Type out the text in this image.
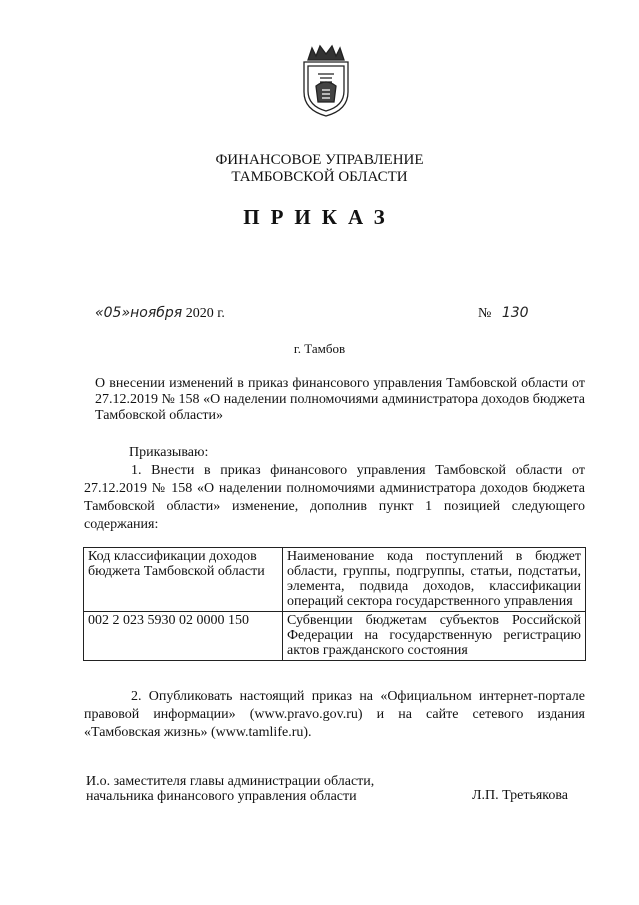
ФИНАНСОВОЕ УПРАВЛЕНИЕ
ТАМБОВСКОЙ ОБЛАСТИ
ПРИКАЗ
«05»ноября 2020 г.	№ 130
г. Тамбов
О внесении изменений в приказ финансового управления Тамбовской области от 27.12.2019 № 158 «О наделении полномочиями администратора доходов бюджета Тамбовской области»

Приказываю:

1. Внести в приказ финансового управления Тамбовской области от 27.12.2019 № 158 «О наделении полномочиями администратора доходов бюджета Тамбовской области» изменение, дополнив пункт 1 позицией следующего содержания:

Код классификации доходов бюджета Тамбовской области	Наименование кода поступлений в бюджет области, группы, подгруппы, статьи, подстатьи, элемента, подвида доходов, классификации операций сектора государственного управления
002 2 023 5930 02 0000 150	Субвенции бюджетам субъектов Российской Федерации на государственную регистрацию актов гражданского состояния

2. Опубликовать настоящий приказ на «Официальном интернет-портале правовой информации» (www.pravo.gov.ru) и на сайте сетевого издания «Тамбовская жизнь» (www.tamlife.ru).

И.о. заместителя главы администрации области,
начальника финансового управления области	Л.П. Третьякова
